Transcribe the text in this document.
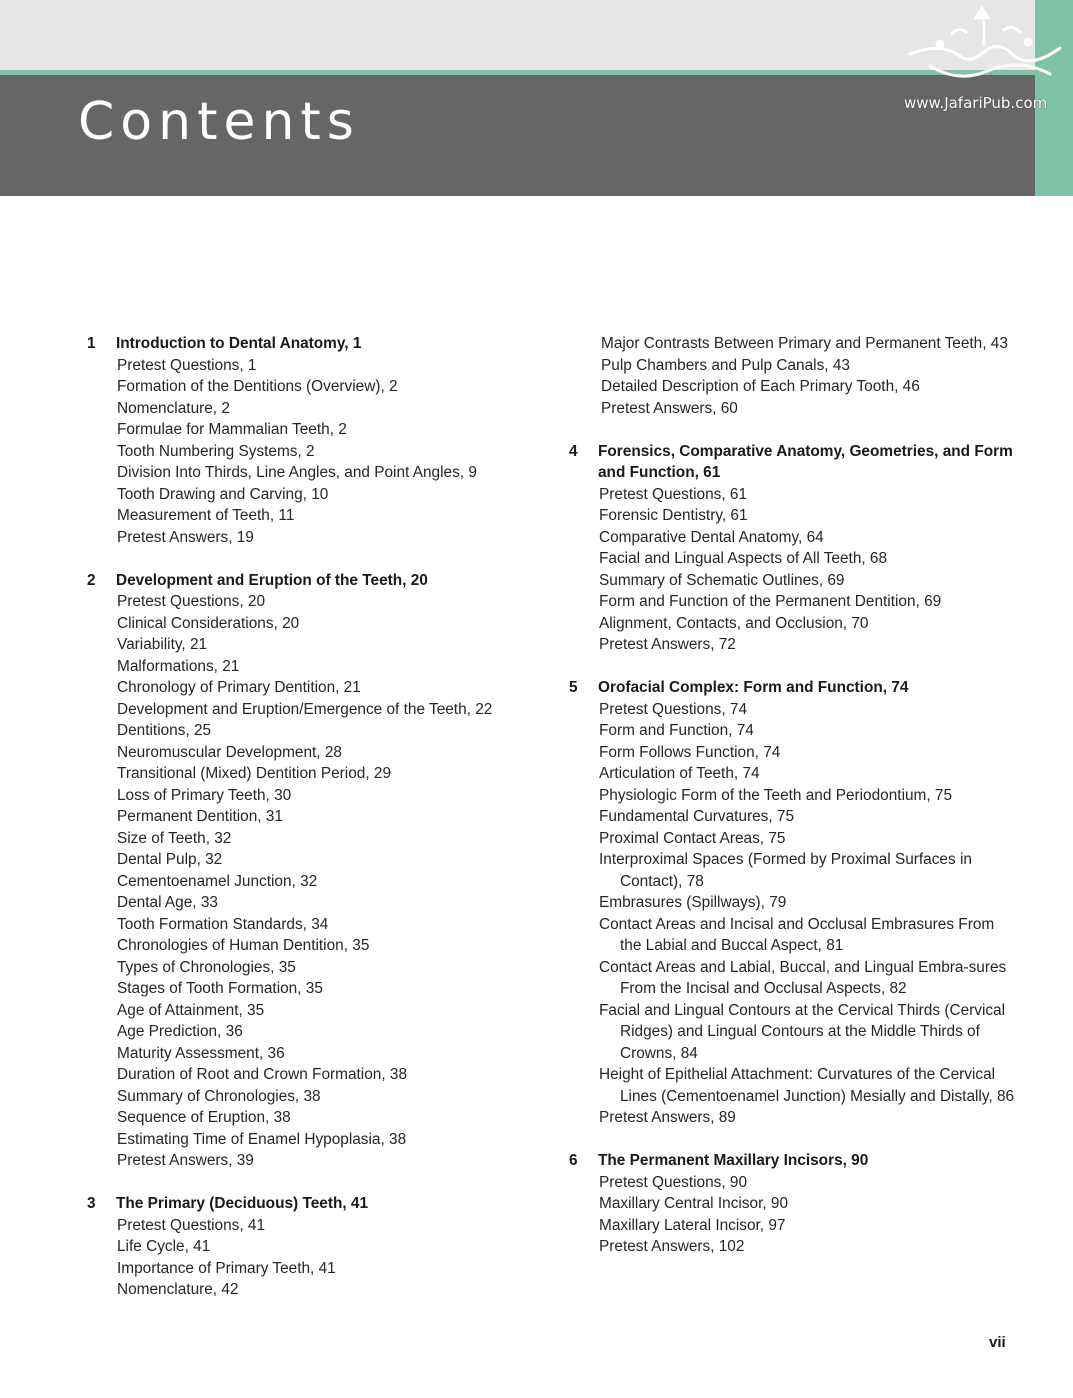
Contents	www.JafariPub.com
1	Introduction to Dental Anatomy, 1
Pretest Questions, 1
Formation of the Dentitions (Overview), 2
Nomenclature, 2
Formulae for Mammalian Teeth, 2
Tooth Numbering Systems, 2
Division Into Thirds, Line Angles, and Point Angles, 9
Tooth Drawing and Carving, 10
Measurement of Teeth, 11
Pretest Answers, 19
2	Development and Eruption of the Teeth, 20
Pretest Questions, 20
Clinical Considerations, 20
Variability, 21
Malformations, 21
Chronology of Primary Dentition, 21
Development and Eruption/Emergence of the Teeth, 22
Dentitions, 25
Neuromuscular Development, 28
Transitional (Mixed) Dentition Period, 29
Loss of Primary Teeth, 30
Permanent Dentition, 31
Size of Teeth, 32
Dental Pulp, 32
Cementoenamel Junction, 32
Dental Age, 33
Tooth Formation Standards, 34
Chronologies of Human Dentition, 35
Types of Chronologies, 35
Stages of Tooth Formation, 35
Age of Attainment, 35
Age Prediction, 36
Maturity Assessment, 36
Duration of Root and Crown Formation, 38
Summary of Chronologies, 38
Sequence of Eruption, 38
Estimating Time of Enamel Hypoplasia, 38
Pretest Answers, 39
3	The Primary (Deciduous) Teeth, 41
Pretest Questions, 41
Life Cycle, 41
Importance of Primary Teeth, 41
Nomenclature, 42
Major Contrasts Between Primary and Permanent Teeth, 43
Pulp Chambers and Pulp Canals, 43
Detailed Description of Each Primary Tooth, 46
Pretest Answers, 60
4	Forensics, Comparative Anatomy, Geometries, and Form and Function, 61
Pretest Questions, 61
Forensic Dentistry, 61
Comparative Dental Anatomy, 64
Facial and Lingual Aspects of All Teeth, 68
Summary of Schematic Outlines, 69
Form and Function of the Permanent Dentition, 69
Alignment, Contacts, and Occlusion, 70
Pretest Answers, 72
5	Orofacial Complex: Form and Function, 74
Pretest Questions, 74
Form and Function, 74
Form Follows Function, 74
Articulation of Teeth, 74
Physiologic Form of the Teeth and Periodontium, 75
Fundamental Curvatures, 75
Proximal Contact Areas, 75
Interproximal Spaces (Formed by Proximal Surfaces in Contact), 78
Embrasures (Spillways), 79
Contact Areas and Incisal and Occlusal Embrasures From the Labial and Buccal Aspect, 81
Contact Areas and Labial, Buccal, and Lingual Embra-sures From the Incisal and Occlusal Aspects, 82
Facial and Lingual Contours at the Cervical Thirds (Cervical Ridges) and Lingual Contours at the Middle Thirds of Crowns, 84
Height of Epithelial Attachment: Curvatures of the Cervical Lines (Cementoenamel Junction) Mesially and Distally, 86
Pretest Answers, 89
6	The Permanent Maxillary Incisors, 90
Pretest Questions, 90
Maxillary Central Incisor, 90
Maxillary Lateral Incisor, 97
Pretest Answers, 102
vii
